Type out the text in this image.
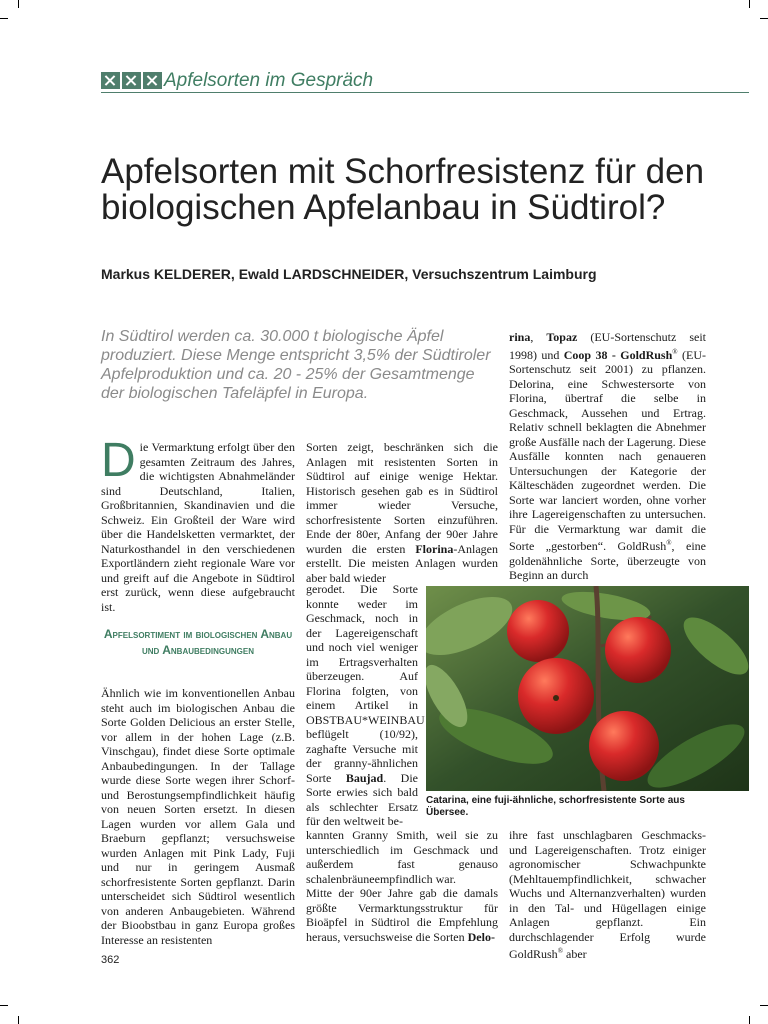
Apfelsorten im Gespräch
Apfelsorten mit Schorfresistenz für den biologischen Apfelanbau in Südtirol?
Markus KELDERER, Ewald LARDSCHNEIDER, Versuchszentrum Laimburg
In Südtirol werden ca. 30.000 t biologische Äpfel produziert. Diese Menge entspricht 3,5% der Südtiroler Apfelproduktion und ca. 20 - 25% der Gesamtmenge der biologischen Tafeläpfel in Europa.

Die Vermarktung erfolgt über den gesamten Zeitraum des Jahres, die wichtigsten Abnahmeländer sind Deutschland, Italien, Großbritannien, Skandinavien und die Schweiz. Ein Großteil der Ware wird über die Handelsketten vermarktet, der Naturkosthandel in den verschiedenen Exportländern zieht regionale Ware vor und greift auf die Angebote in Südtirol erst zurück, wenn diese aufgebraucht ist.

Apfelsortiment im biologischen Anbau und Anbaubedingungen

Ähnlich wie im konventionellen Anbau steht auch im biologischen Anbau die Sorte Golden Delicious an erster Stelle, vor allem in der hohen Lage (z.B. Vinschgau), findet diese Sorte optimale Anbaubedingungen. In der Tallage wurde diese Sorte wegen ihrer Schorf- und Berostungsempfindlichkeit häufig von neuen Sorten ersetzt. In diesen Lagen wurden vor allem Gala und Braeburn gepflanzt; versuchsweise wurden Anlagen mit Pink Lady, Fuji und nur in geringem Ausmaß schorfresistente Sorten gepflanzt. Darin unterscheidet sich Südtirol wesentlich von anderen Anbaugebieten. Während der Bioobstbau in ganz Europa großes Interesse an resistenten

Sorten zeigt, beschränken sich die Anlagen mit resistenten Sorten in Südtirol auf einige wenige Hektar. Historisch gesehen gab es in Südtirol immer wieder Versuche, schorfresistente Sorten einzuführen. Ende der 80er, Anfang der 90er Jahre wurden die ersten Florina-Anlagen erstellt. Die meisten Anlagen wurden aber bald wieder

gerodet. Die Sorte konnte weder im Geschmack, noch in der Lagereigenschaft und noch viel weniger im Ertragsverhalten überzeugen. Auf Florina folgten, von einem Artikel in OBSTBAU*WEINBAU beflügelt (10/92), zaghafte Versuche mit der granny-ähnlichen Sorte Baujad. Die Sorte erwies sich bald als schlechter Ersatz für den weltweit be-

kannten Granny Smith, weil sie zu unterschiedlich im Geschmack und außerdem fast genauso schalenbräuneempfindlich war.

Mitte der 90er Jahre gab die damals größte Vermarktungsstruktur für Bioäpfel in Südtirol die Empfehlung heraus, versuchsweise die Sorten Delo-

rina, Topaz (EU-Sortenschutz seit 1998) und Coop 38 - GoldRush® (EU-Sortenschutz seit 2001) zu pflanzen. Delorina, eine Schwestersorte von Florina, übertraf die selbe in Geschmack, Aussehen und Ertrag. Relativ schnell beklagten die Abnehmer große Ausfälle nach der Lagerung. Diese Ausfälle konnten nach genaueren Untersuchungen der Kategorie der Kälteschäden zugeordnet werden. Die Sorte war lanciert worden, ohne vorher ihre Lagereigenschaften zu untersuchen. Für die Vermarktung war damit die Sorte „gestorben“. GoldRush®, eine goldenähnliche Sorte, überzeugte von Beginn an durch

Catarina, eine fuji-ähnliche, schorfresistente Sorte aus Übersee.

ihre fast unschlagbaren Geschmacks- und Lagereigenschaften. Trotz einiger agronomischer Schwachpunkte (Mehltauempfindlichkeit, schwacher Wuchs und Alternanzverhalten) wurden in den Tal- und Hügellagen einige Anlagen gepflanzt. Ein durchschlagender Erfolg wurde GoldRush® aber

362
